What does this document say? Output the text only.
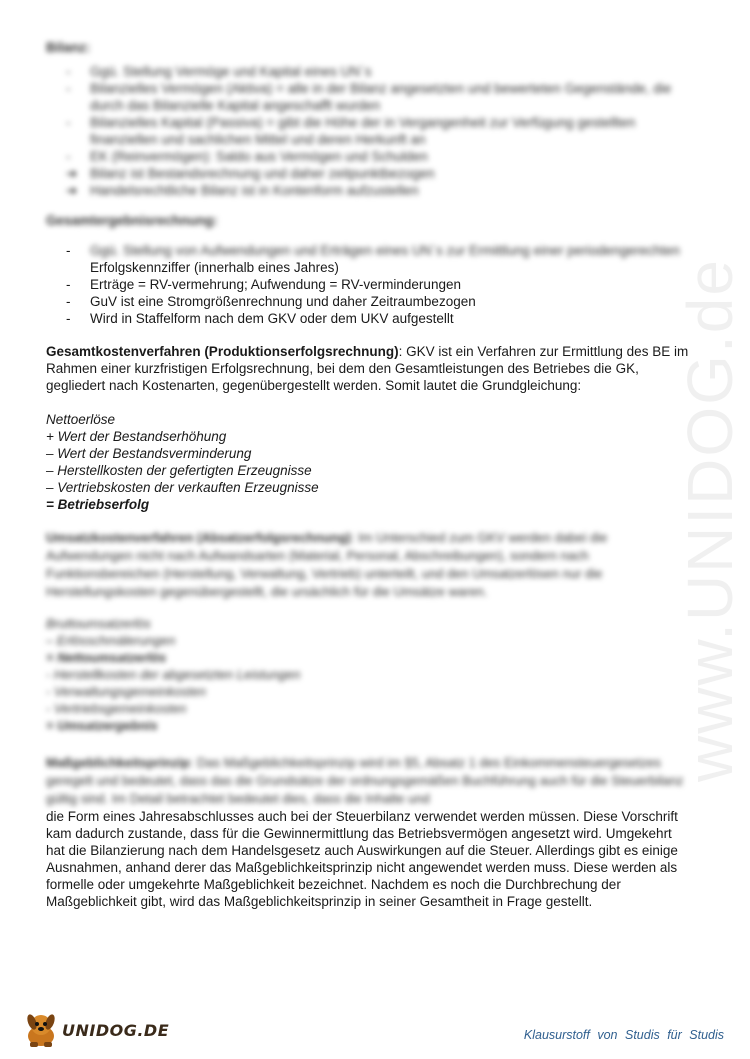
www.UNIDOG.de
Bilanz:
-	Ggü. Stellung Vermöge und Kapital eines UN´s
-	Bilanzielles Vermögen (Aktiva) = alle in der Bilanz angesetzten und bewerteten Gegenstände, die durch das Bilanzielle Kapital angeschafft wurden
-	Bilanzielles Kapital (Passiva) = gibt die Höhe der in Vergangenheit zur Verfügung gestellten finanziellen und sachlichen Mittel und deren Herkunft an
-	EK (Reinvermögen): Saldo aus Vermögen und Schulden
➔ Bilanz ist Bestandsrechnung und daher zeitpunktbezogen
➔ Handelsrechtliche Bilanz ist in Kontenform aufzustellen
Gesamtergebnisrechnung:
-	Ggü. Stellung von Aufwendungen und Erträgen eines UN´s zur Ermittlung einer periodengerechten
Erfolgskennziffer (innerhalb eines Jahres)
-	Erträge = RV-vermehrung; Aufwendung = RV-verminderungen
-	GuV ist eine Stromgrößenrechnung und daher Zeitraumbezogen
-	Wird in Staffelform nach dem GKV oder dem UKV aufgestellt

Gesamtkostenverfahren (Produktionserfolgsrechnung): GKV ist ein Verfahren zur Ermittlung des BE im Rahmen einer kurzfristigen Erfolgsrechnung, bei dem den Gesamtleistungen des Betriebes die GK, gegliedert nach Kostenarten, gegenübergestellt werden. Somit lautet die Grundgleichung:

Nettoerlöse
+ Wert der Bestandserhöhung
– Wert der Bestandsverminderung
– Herstellkosten der gefertigten Erzeugnisse
– Vertriebskosten der verkauften Erzeugnisse
= Betriebserfolg

Umsatzkostenverfahren (Absatzerfolgsrechnung): Im Unterschied zum GKV werden dabei die Aufwendungen nicht nach Aufwandsarten (Material, Personal, Abschreibungen), sondern nach Funktionsbereichen (Herstellung, Verwaltung, Vertrieb) unterteilt, und den Umsatzerlösen nur die Herstellungskosten gegenübergestellt, die ursächlich für die Umsätze waren.

Bruttoumsatzerlös
– Erlösschmälerungen
= Nettoumsatzerlös
- Herstellkosten der abgesetzten Leistungen
- Verwaltungsgemeinkosten
- Vertriebsgemeinkosten
= Umsatzergebnis

Maßgeblichkeitsprinzip: Das Maßgeblichkeitsprinzip wird im §5, Absatz 1 des Einkommensteuergesetzes geregelt und bedeutet, dass das die Grundsätze der ordnungsgemäßen Buchführung auch für die Steuerbilanz gültig sind. Im Detail betrachtet bedeutet dies, dass die Inhalte und

die Form eines Jahresabschlusses auch bei der Steuerbilanz verwendet werden müssen. Diese Vorschrift kam dadurch zustande, dass für die Gewinnermittlung das Betriebsvermögen angesetzt wird. Umgekehrt hat die Bilanzierung nach dem Handelsgesetz auch Auswirkungen auf die Steuer. Allerdings gibt es einige Ausnahmen, anhand derer das Maßgeblichkeitsprinzip nicht angewendet werden muss. Diese werden als formelle oder umgekehrte Maßgeblichkeit bezeichnet. Nachdem es noch die Durchbrechung der Maßgeblichkeit gibt, wird das Maßgeblichkeitsprinzip in seiner Gesamtheit in Frage gestellt.

UNIDOG.DE	Klausurstoff von Studis für Studis
